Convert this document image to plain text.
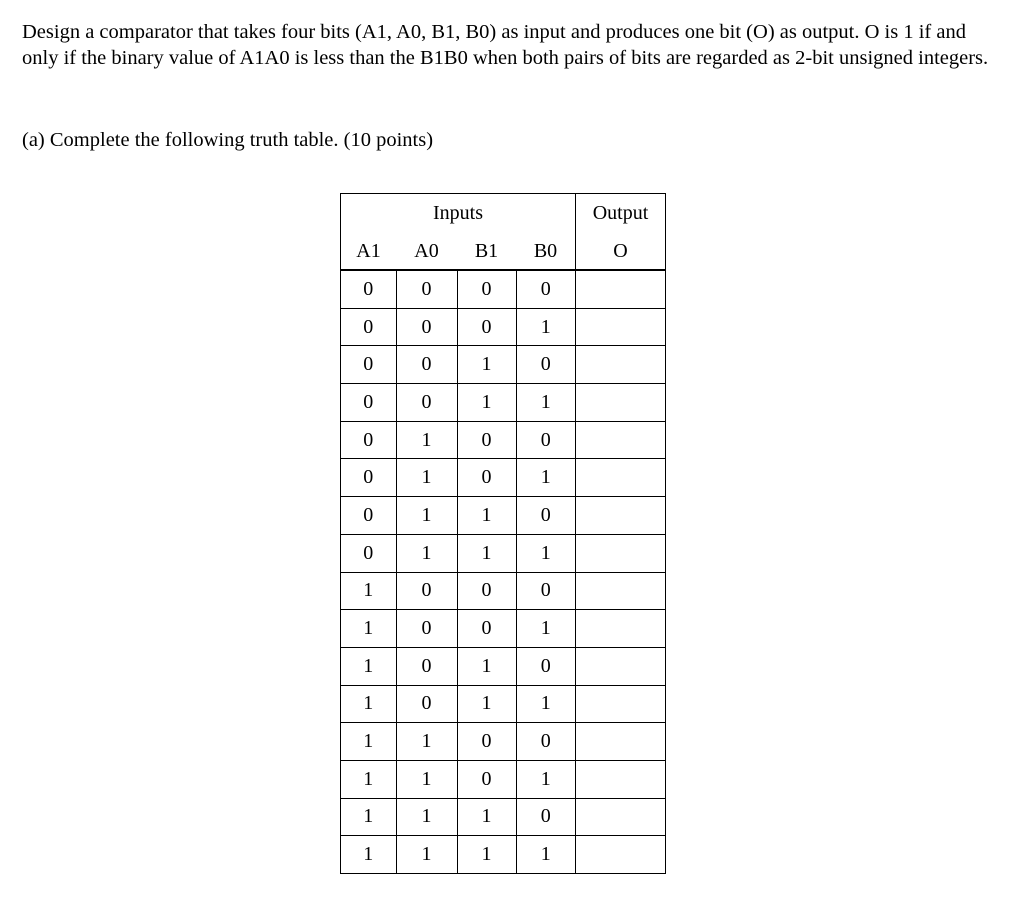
Design a comparator that takes four bits (A1, A0, B1, B0) as input and produces one bit (O) as output. O is 1 if and only if the binary value of A1A0 is less than the B1B0 when both pairs of bits are regarded as 2-bit unsigned integers.

(a) Complete the following truth table. (10 points)

Inputs				Output
A1	A0	B1	B0	O
0	0	0	0	
0	0	0	1	
0	0	1	0	
0	0	1	1	
0	1	0	0	
0	1	0	1	
0	1	1	0	
0	1	1	1	
1	0	0	0	
1	0	0	1	
1	0	1	0	
1	0	1	1	
1	1	0	0	
1	1	0	1	
1	1	1	0	
1	1	1	1	
